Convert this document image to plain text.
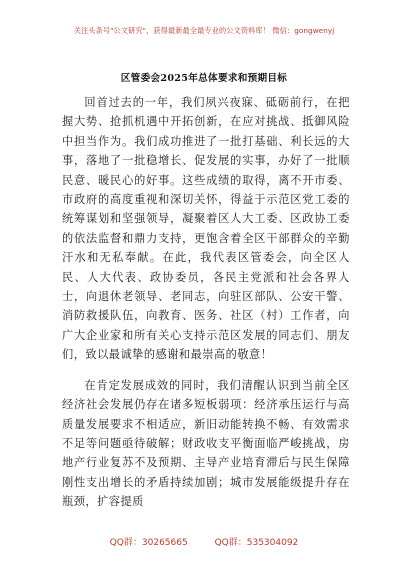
关注头条号"公文研究"，获得最新最全最专业的公文资料库！ 微信：gongwenyj
区管委会2025年总体要求和预期目标

回首过去的一年，我们夙兴夜寐、砥砺前行，在把握大势、抢抓机遇中开拓创新，在应对挑战、抵御风险中担当作为。我们成功推进了一批打基础、利长远的大事，落地了一批稳增长、促发展的实事，办好了一批顺民意、暖民心的好事。这些成绩的取得，离不开市委、市政府的高度重视和深切关怀，得益于示范区党工委的统筹谋划和坚强领导，凝聚着区人大工委、区政协工委的依法监督和鼎力支持，更饱含着全区干部群众的辛勤汗水和无私奉献。在此，我代表区管委会，向全区人民、人大代表、政协委员，各民主党派和社会各界人士，向退休老领导、老同志，向驻区部队、公安干警、消防救援队伍，向教育、医务、社区（村）工作者，向广大企业家和所有关心支持示范区发展的同志们、朋友们，致以最诚挚的感谢和最崇高的敬意！

在肯定发展成效的同时，我们清醒认识到当前全区经济社会发展仍存在诸多短板弱项：经济承压运行与高质量发展要求不相适应，新旧动能转换不畅、有效需求不足等问题亟待破解；财政收支平衡面临严峻挑战，房地产行业复苏不及预期、主导产业培育滞后与民生保障刚性支出增长的矛盾持续加剧；城市发展能级提升存在瓶颈，扩容提质

QQ群：30265665	QQ群：535304092
